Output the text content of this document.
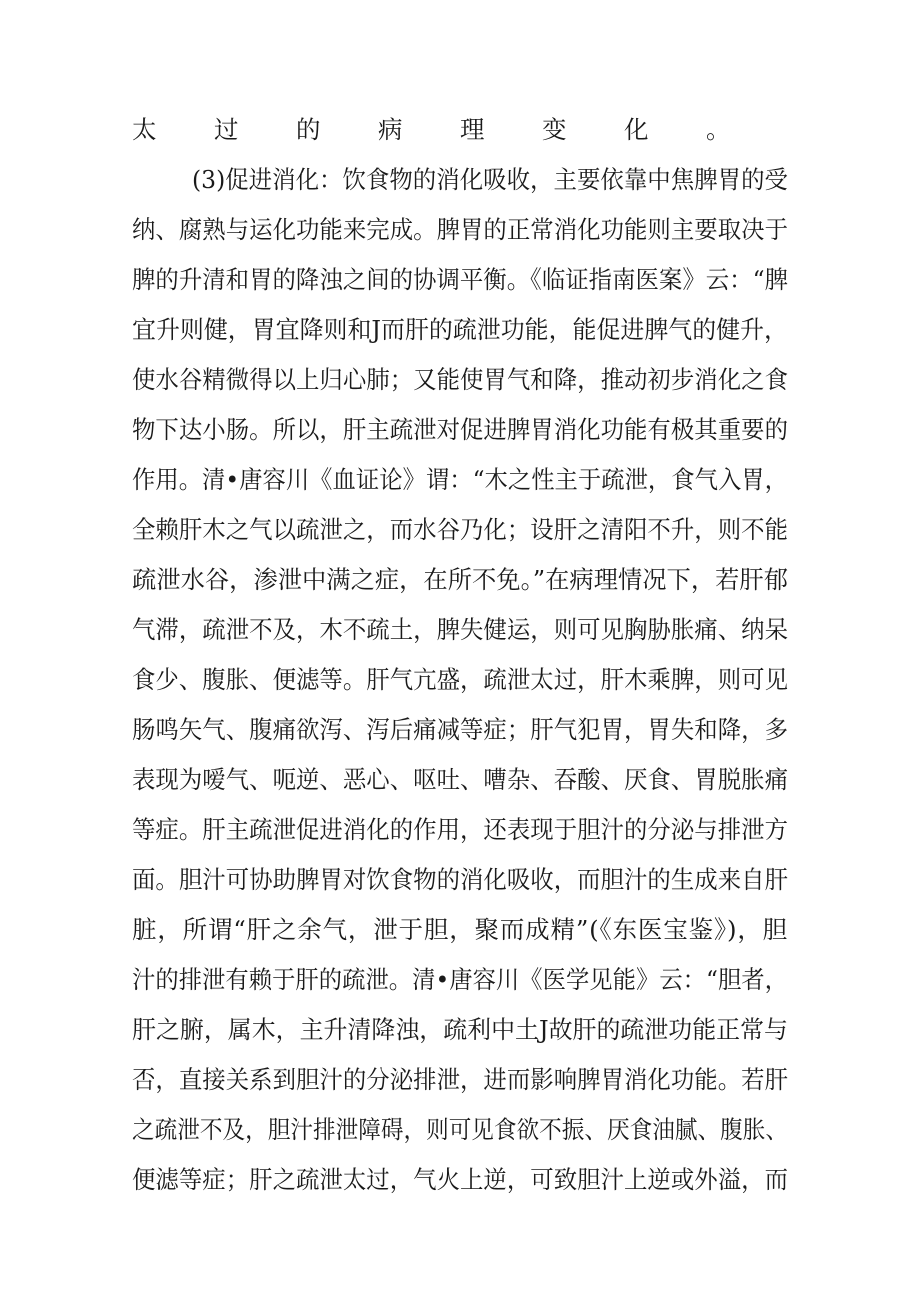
太过的病理变化。
(3)促进消化：饮食物的消化吸收，主要依靠中焦脾胃的受
纳、腐熟与运化功能来完成。脾胃的正常消化功能则主要取决于
脾的升清和胃的降浊之间的协调平衡。《临证指南医案》云：“脾
宜升则健，胃宜降则和J而肝的疏泄功能，能促进脾气的健升，
使水谷精微得以上归心肺；又能使胃气和降，推动初步消化之食
物下达小肠。所以，肝主疏泄对促进脾胃消化功能有极其重要的
作用。清•唐容川《血证论》谓：“木之性主于疏泄，食气入胃，
全赖肝木之气以疏泄之，而水谷乃化；设肝之清阳不升，则不能
疏泄水谷，渗泄中满之症，在所不免。”在病理情况下，若肝郁
气滞，疏泄不及，木不疏土，脾失健运，则可见胸胁胀痛、纳呆
食少、腹胀、便滤等。肝气亢盛，疏泄太过，肝木乘脾，则可见
肠鸣矢气、腹痛欲泻、泻后痛减等症；肝气犯胃，胃失和降，多
表现为嗳气、呃逆、恶心、呕吐、嘈杂、吞酸、厌食、胃脱胀痛
等症。肝主疏泄促进消化的作用，还表现于胆汁的分泌与排泄方
面。胆汁可协助脾胃对饮食物的消化吸收，而胆汁的生成来自肝
脏，所谓“肝之余气，泄于胆，聚而成精”(《东医宝鉴》)，胆
汁的排泄有赖于肝的疏泄。清•唐容川《医学见能》云：“胆者，
肝之腑，属木，主升清降浊，疏利中土J故肝的疏泄功能正常与
否，直接关系到胆汁的分泌排泄，进而影响脾胃消化功能。若肝
之疏泄不及，胆汁排泄障碍，则可见食欲不振、厌食油腻、腹胀、
便滤等症；肝之疏泄太过，气火上逆，可致胆汁上逆或外溢，而
